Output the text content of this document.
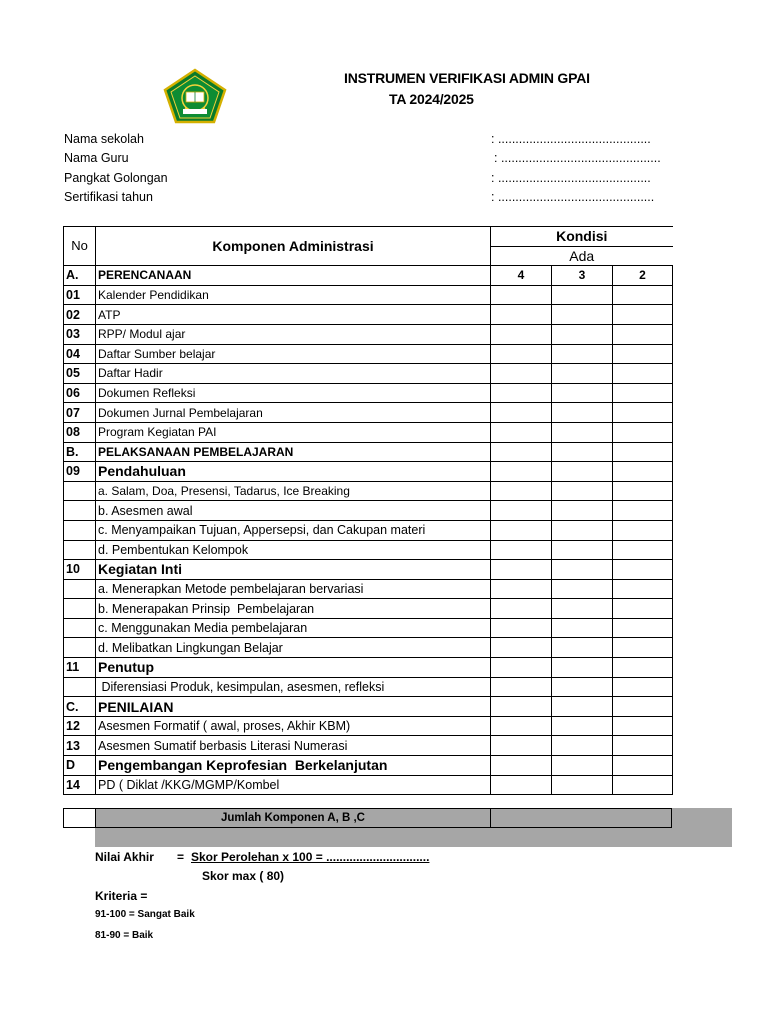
INSTRUMEN VERIFIKASI ADMIN GPAI
TA 2024/2025
Nama sekolah	: ............................................
Nama Guru	: ..............................................
Pangkat Golongan	: ............................................
Sertifikasi tahun	: .............................................
No	Komponen Administrasi	Kondisi		
		Ada		
A.	PERENCANAAN	4	3	2
01	Kalender Pendidikan			
02	ATP			
03	RPP/ Modul ajar			
04	Daftar Sumber belajar			
05	Daftar Hadir			
06	Dokumen Refleksi			
07	Dokumen Jurnal Pembelajaran			
08	Program Kegiatan PAI			
B.	PELAKSANAAN PEMBELAJARAN			
09	Pendahuluan			
	a. Salam, Doa, Presensi, Tadarus, Ice Breaking			
	b. Asesmen awal			
	c. Menyampaikan Tujuan, Appersepsi, dan Cakupan materi			
	d. Pembentukan Kelompok			
10	Kegiatan Inti			
	a. Menerapkan Metode pembelajaran bervariasi			
	b. Menerapakan Prinsip  Pembelajaran			
	c. Menggunakan Media pembelajaran			
	d. Melibatkan Lingkungan Belajar			
11	Penutup			
	Diferensiasi Produk, kesimpulan, asesmen, refleksi			
C.	PENILAIAN			
12	Asesmen Formatif ( awal, proses, Akhir KBM)			
13	Asesmen Sumatif berbasis Literasi Numerasi			
D	Pengembangan Keprofesian  Berkelanjutan			
14	PD ( Diklat /KKG/MGMP/Kombel			
Jumlah Komponen A, B ,C
Nilai Akhir = Skor Perolehan x 100 = ...............................
Skor max ( 80)
Kriteria =
91-100 = Sangat Baik
81-90 = Baik
